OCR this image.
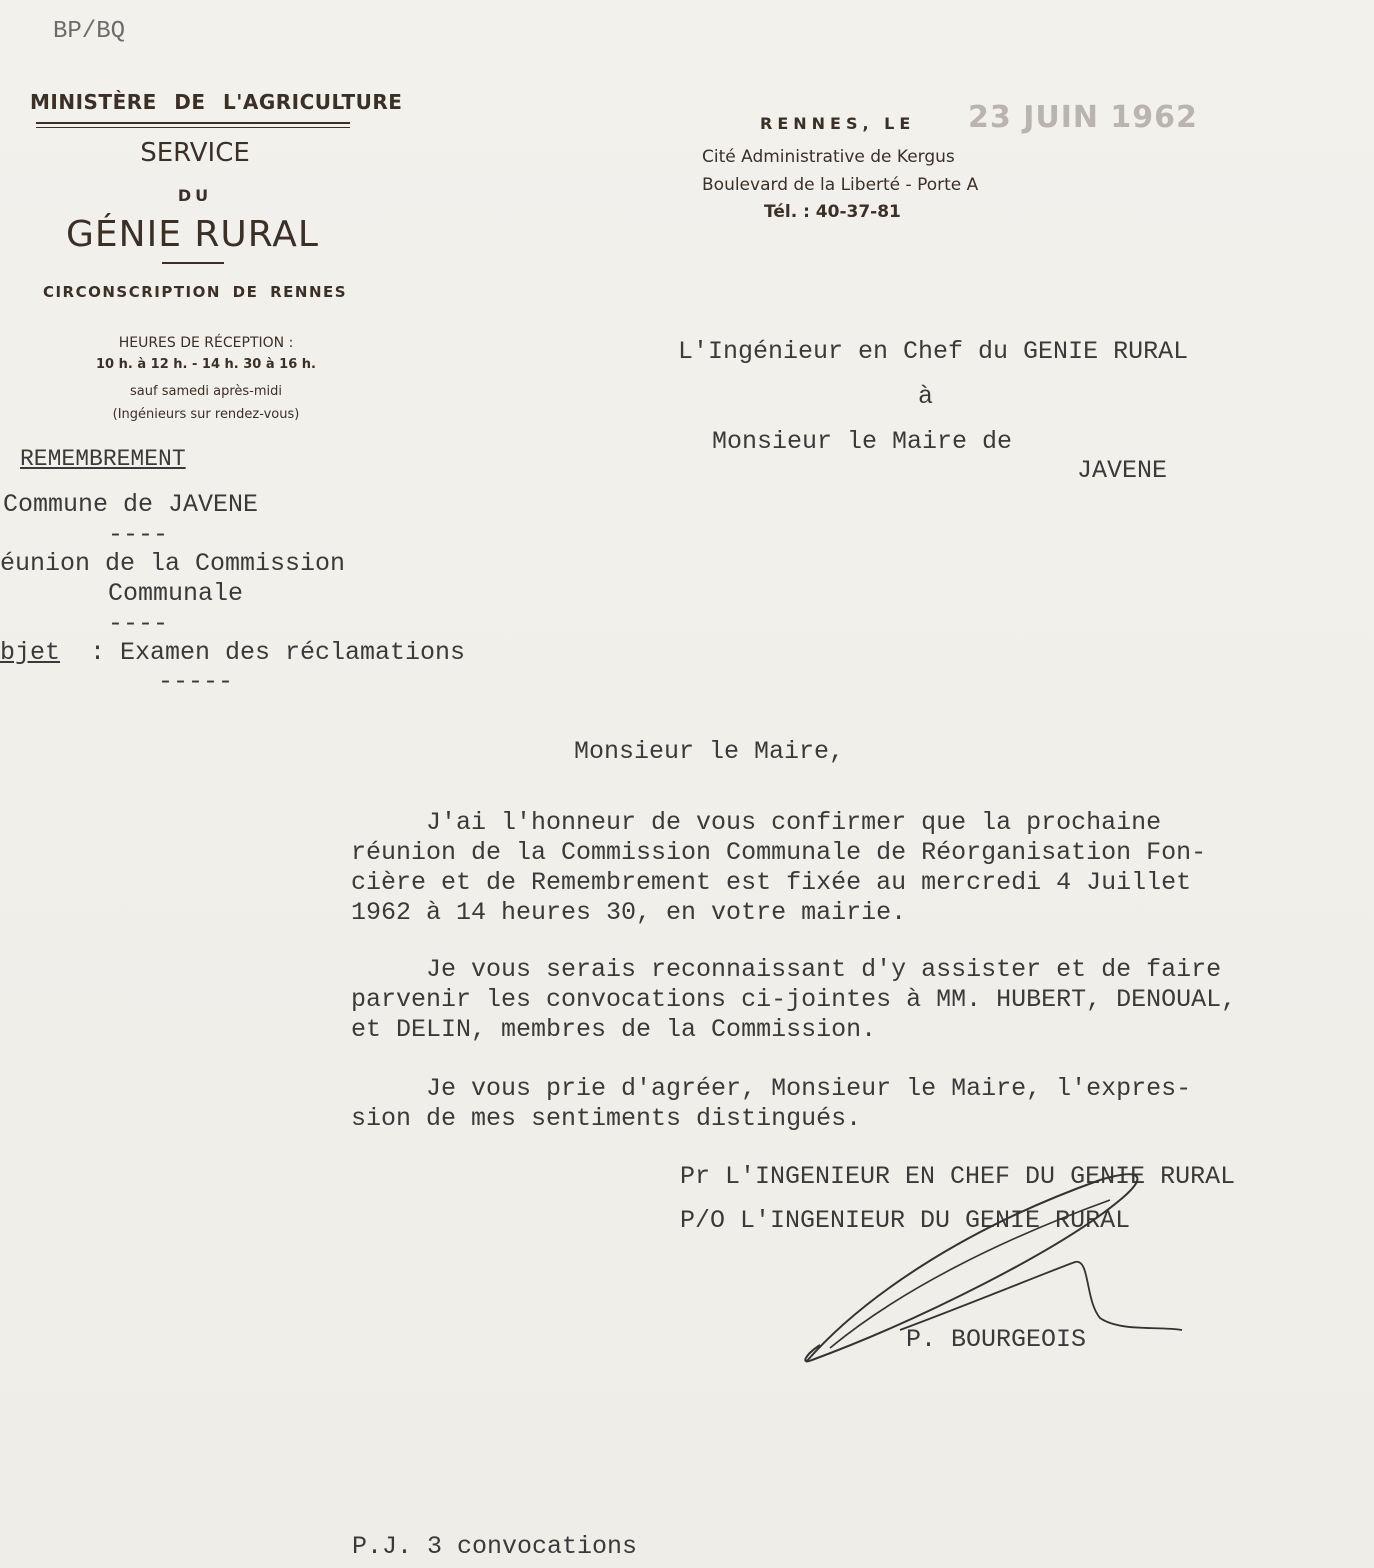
BP/BQ
MINISTÈRE DE L'AGRICULTURE
SERVICE
DU
GÉNIE RURAL
CIRCONSCRIPTION DE RENNES
HEURES DE RÉCEPTION :
10 h. à 12 h. - 14 h. 30 à 16 h.
sauf samedi après-midi
(Ingénieurs sur rendez-vous)
RENNES, LE 23 JUIN 1962
Cité Administrative de Kergus
Boulevard de la Liberté - Porte A
Tél. : 40-37-81
REMEMBREMENT
Commune de JAVENE
----
éunion de la Commission
Communale
----
bjet : Examen des réclamations
-----
L'Ingénieur en Chef du GENIE RURAL
à
Monsieur le Maire de
JAVENE
Monsieur le Maire,
J'ai l'honneur de vous confirmer que la prochaine
réunion de la Commission Communale de Réorganisation Fon-
cière et de Remembrement est fixée au mercredi 4 Juillet
1962 à 14 heures 30, en votre mairie.
Je vous serais reconnaissant d'y assister et de faire
parvenir les convocations ci-jointes à MM. HUBERT, DENOUAL,
et DELIN, membres de la Commission.
Je vous prie d'agréer, Monsieur le Maire, l'expres-
sion de mes sentiments distingués.
Pr L'INGENIEUR EN CHEF DU GENIE RURAL
P/O L'INGENIEUR DU GENIE RURAL
P. BOURGEOIS
P.J. 3 convocations
